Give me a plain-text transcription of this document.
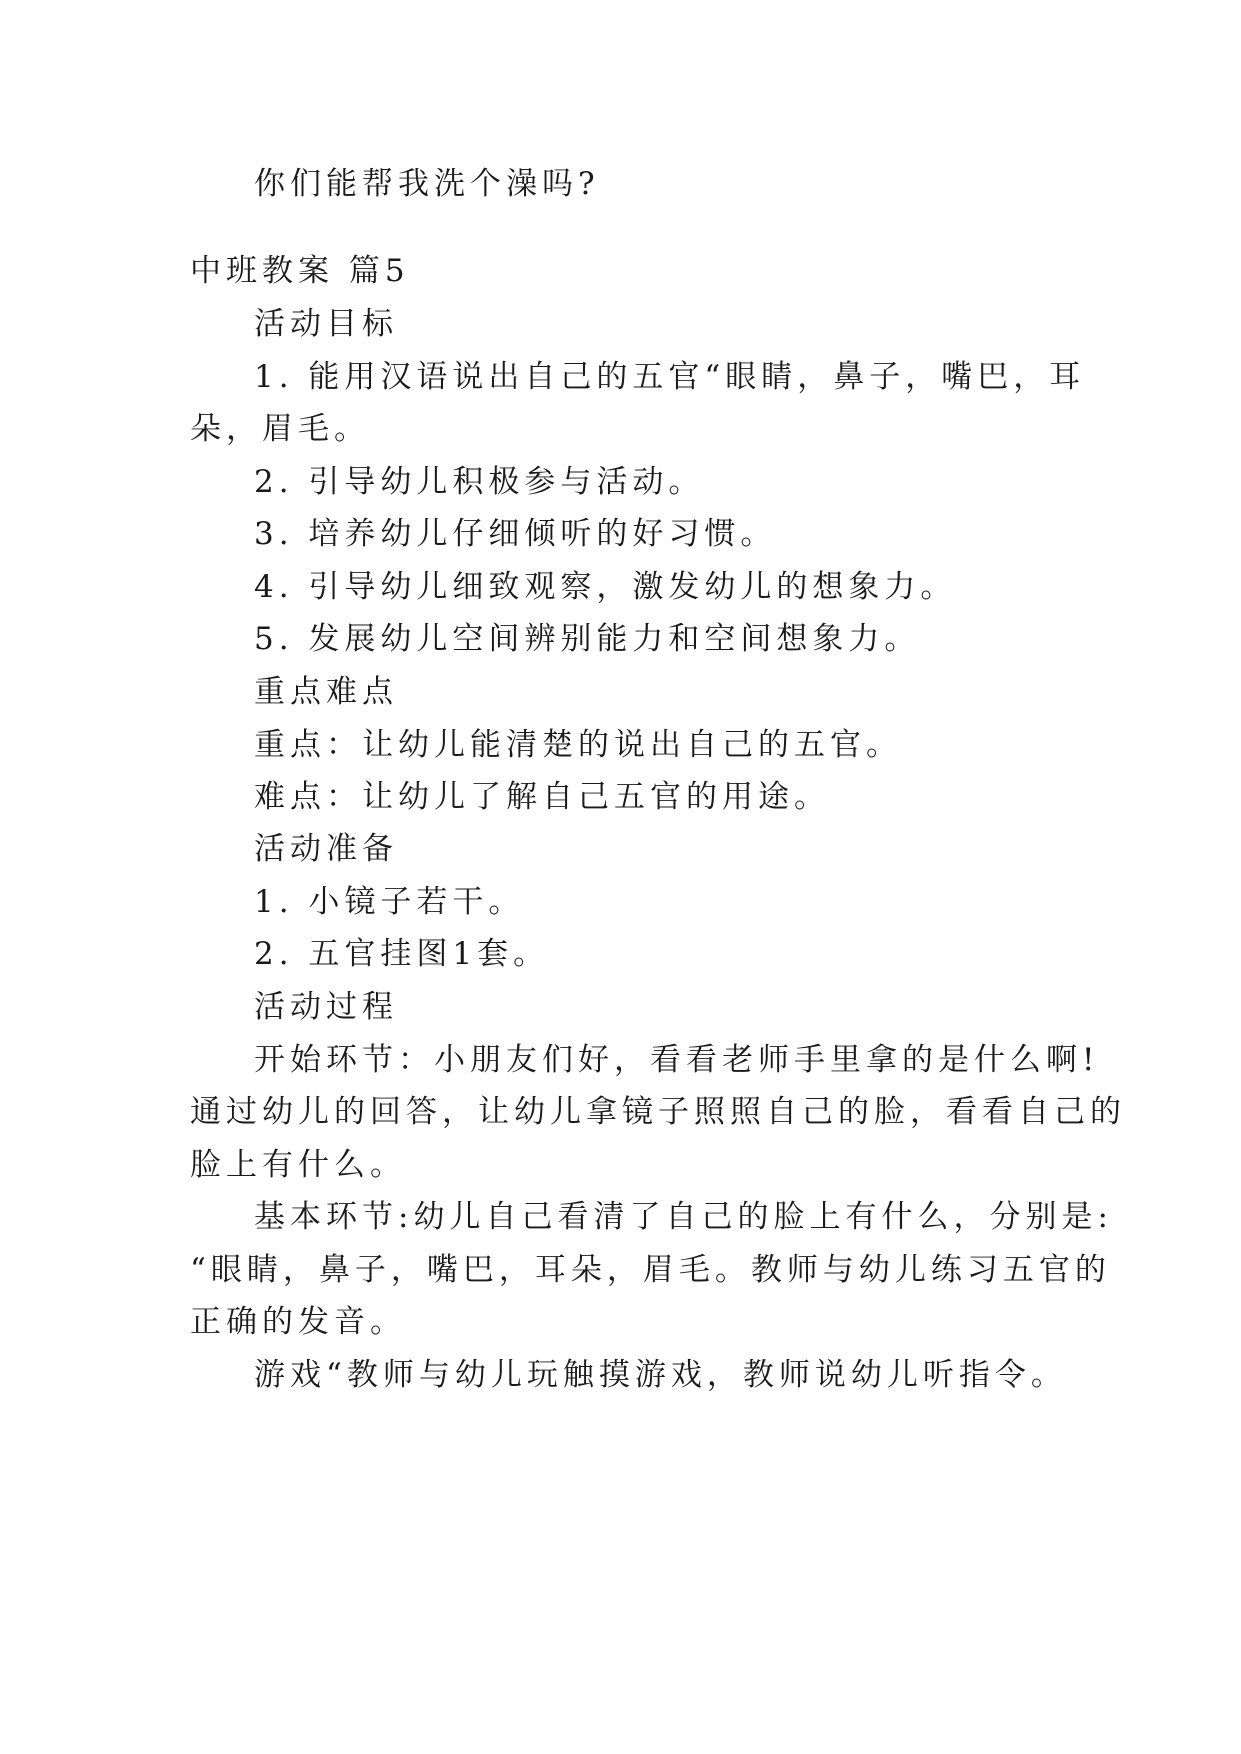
你们能帮我洗个澡吗?
中班教案 篇5
活动目标
1. 能用汉语说出自己的五官“眼睛，鼻子，嘴巴，耳
朵，眉毛。
2. 引导幼儿积极参与活动。
3. 培养幼儿仔细倾听的好习惯。
4. 引导幼儿细致观察，激发幼儿的想象力。
5. 发展幼儿空间辨别能力和空间想象力。
重点难点
重点：让幼儿能清楚的说出自己的五官。
难点：让幼儿了解自己五官的用途。
活动准备
1. 小镜子若干。
2. 五官挂图1套。
活动过程
开始环节：小朋友们好，看看老师手里拿的是什么啊!
通过幼儿的回答，让幼儿拿镜子照照自己的脸，看看自己的
脸上有什么。
基本环节:幼儿自己看清了自己的脸上有什么，分别是:
“眼睛，鼻子，嘴巴，耳朵，眉毛。教师与幼儿练习五官的
正确的发音。
游戏“教师与幼儿玩触摸游戏，教师说幼儿听指令。
